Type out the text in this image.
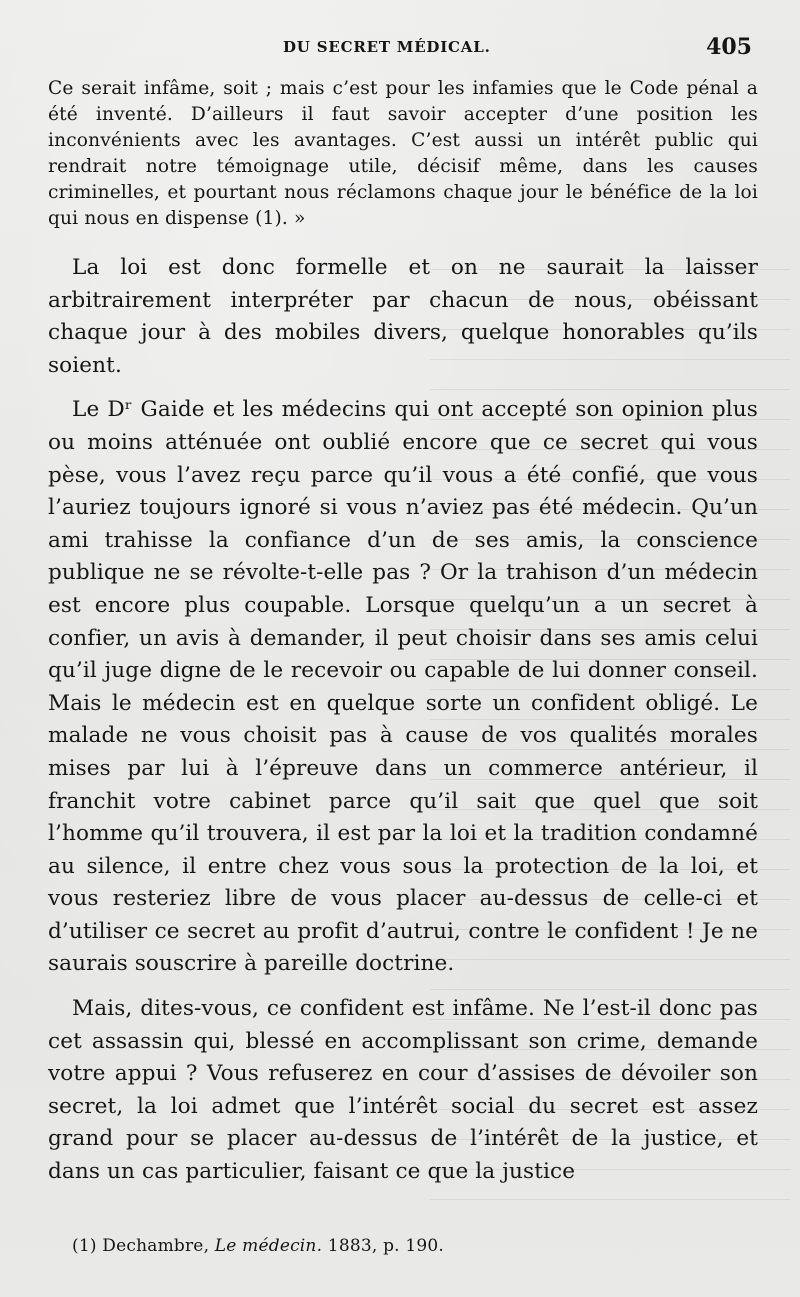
DU SECRET MÉDICAL.	405

Ce serait infâme, soit ; mais c’est pour les infamies que le Code pénal a été inventé. D’ailleurs il faut savoir accepter d’une position les inconvénients avec les avantages. C’est aussi un intérêt public qui rendrait notre témoignage utile, décisif même, dans les causes criminelles, et pourtant nous réclamons chaque jour le bénéfice de la loi qui nous en dispense (1). »

La loi est donc formelle et on ne saurait la laisser arbitrairement interpréter par chacun de nous, obéissant chaque jour à des mobiles divers, quelque honorables qu’ils soient.

Le Dʳ Gaide et les médecins qui ont accepté son opinion plus ou moins atténuée ont oublié encore que ce secret qui vous pèse, vous l’avez reçu parce qu’il vous a été confié, que vous l’auriez toujours ignoré si vous n’aviez pas été médecin. Qu’un ami trahisse la confiance d’un de ses amis, la conscience publique ne se révolte-t-elle pas ? Or la trahison d’un médecin est encore plus coupable. Lorsque quelqu’un a un secret à confier, un avis à demander, il peut choisir dans ses amis celui qu’il juge digne de le recevoir ou capable de lui donner conseil. Mais le médecin est en quelque sorte un confident obligé. Le malade ne vous choisit pas à cause de vos qualités morales mises par lui à l’épreuve dans un commerce antérieur, il franchit votre cabinet parce qu’il sait que quel que soit l’homme qu’il trouvera, il est par la loi et la tradition condamné au silence, il entre chez vous sous la protection de la loi, et vous resteriez libre de vous placer au-dessus de celle-ci et d’utiliser ce secret au profit d’autrui, contre le confident ! Je ne saurais souscrire à pareille doctrine.

Mais, dites-vous, ce confident est infâme. Ne l’est-il donc pas cet assassin qui, blessé en accomplissant son crime, demande votre appui ? Vous refuserez en cour d’assises de dévoiler son secret, la loi admet que l’intérêt social du secret est assez grand pour se placer au-dessus de l’intérêt de la justice, et dans un cas particulier, faisant ce que la justice

(1) Dechambre, Le médecin. 1883, p. 190.
